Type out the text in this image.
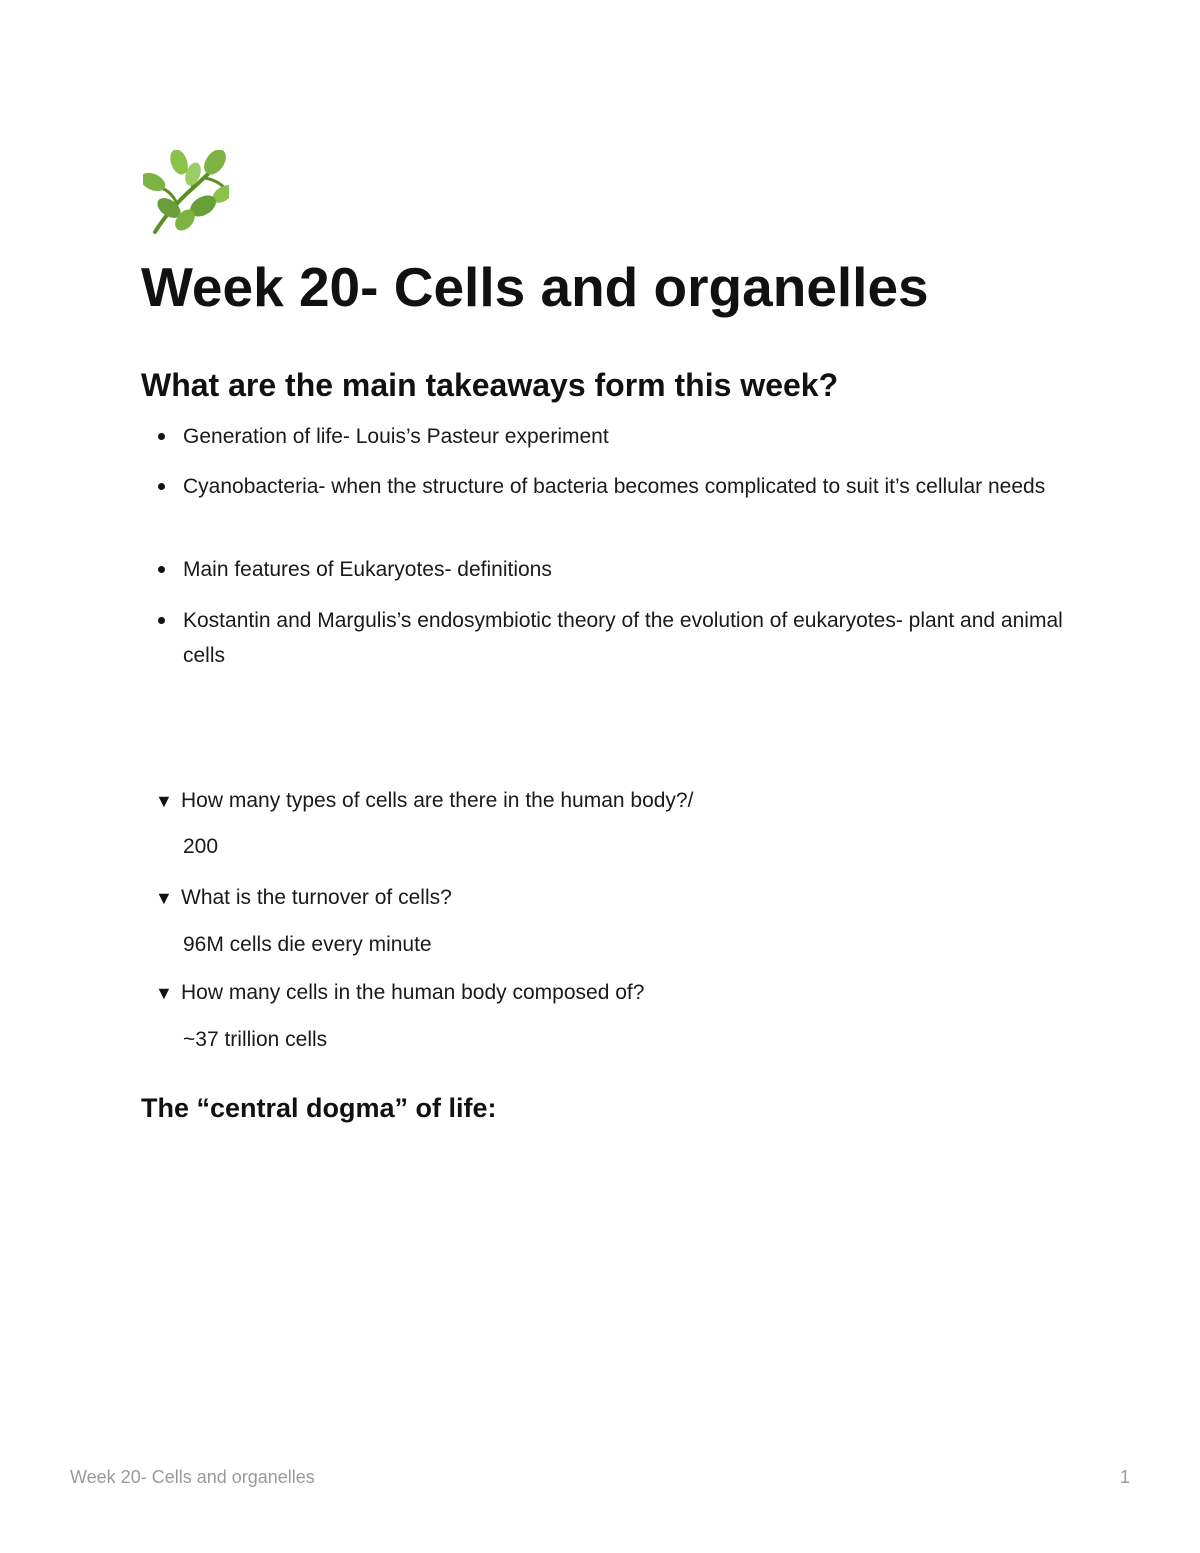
Week 20- Cells and organelles
What are the main takeaways form this week?
Generation of life- Louis’s Pasteur experiment
Cyanobacteria- when the structure of bacteria becomes complicated to suit it’s cellular needs
Main features of Eukaryotes- definitions
Kostantin and Margulis’s endosymbiotic theory of the evolution of eukaryotes- plant and animal cells
▼ How many types of cells are there in the human body?/
200
▼ What is the turnover of cells?
96M cells die every minute
▼ How many cells in the human body composed of?
~37 trillion cells
The “central dogma” of life:
Week 20- Cells and organelles	1
